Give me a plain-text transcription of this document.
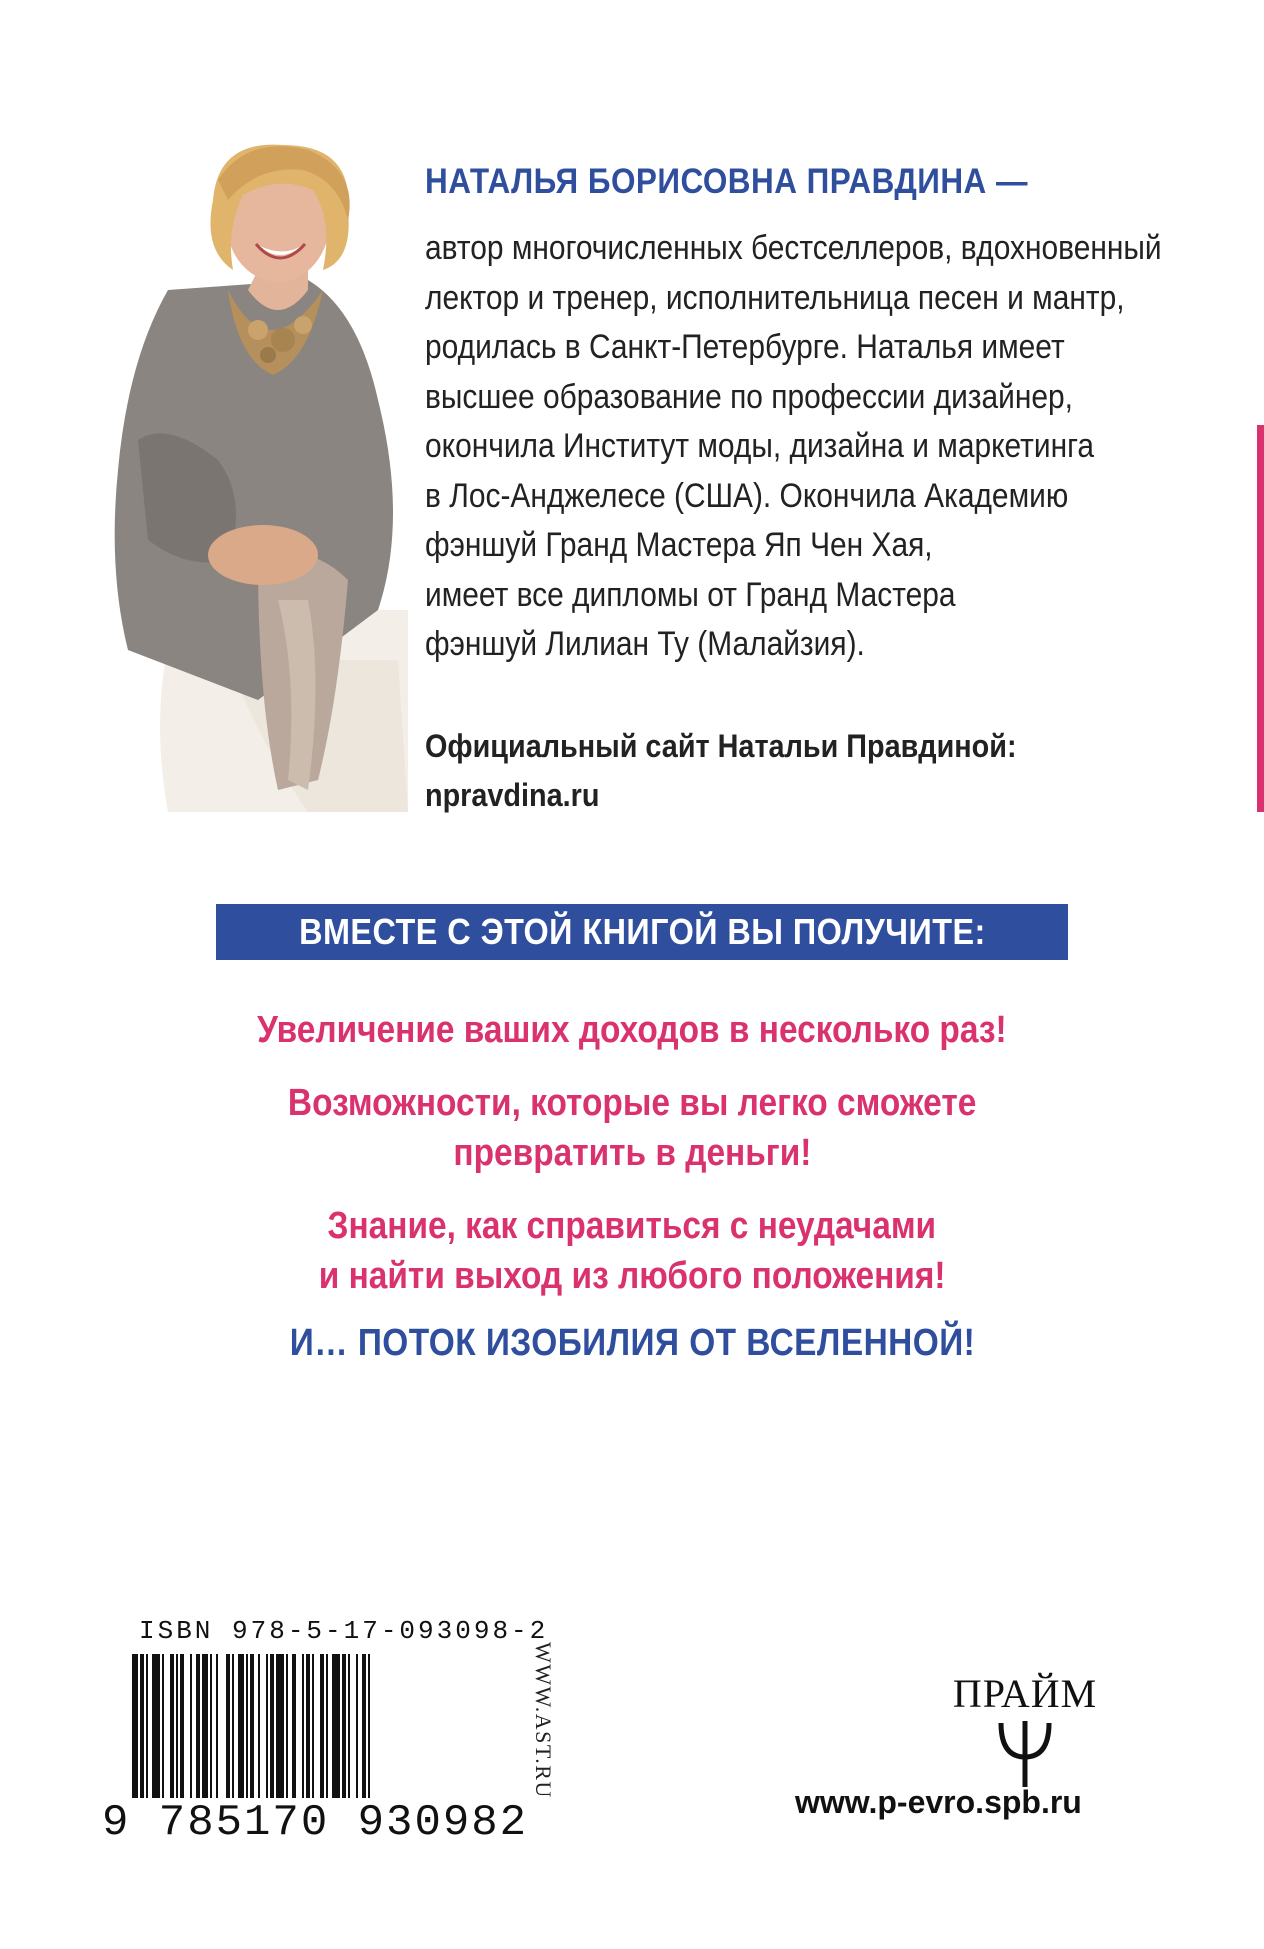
НАТАЛЬЯ БОРИСОВНА ПРАВДИНА —

автор многочисленных бестселлеров, вдохновенный
лектор и тренер, исполнительница песен и мантр,
родилась в Санкт-Петербурге. Наталья имеет
высшее образование по профессии дизайнер,
окончила Институт моды, дизайна и маркетинга
в Лос-Анджелесе (США). Окончила Академию
фэншуй Гранд Мастера Яп Чен Хая,
имеет все дипломы от Гранд Мастера
фэншуй Лилиан Ту (Малайзия).

Официальный сайт Натальи Правдиной:

npravdina.ru

ВМЕСТЕ С ЭТОЙ КНИГОЙ ВЫ ПОЛУЧИТЕ:
Увеличение ваших доходов в несколько раз!
Возможности, которые вы легко сможете
превратить в деньги!
Знание, как справиться с неудачами
и найти выход из любого положения!

И… ПОТОК ИЗОБИЛИЯ ОТ ВСЕЛЕННОЙ!

ISBN 978-5-17-093098-2

9 785170 930982

WWW.AST.RU	ПРАЙМ

www.p-evro.spb.ru
